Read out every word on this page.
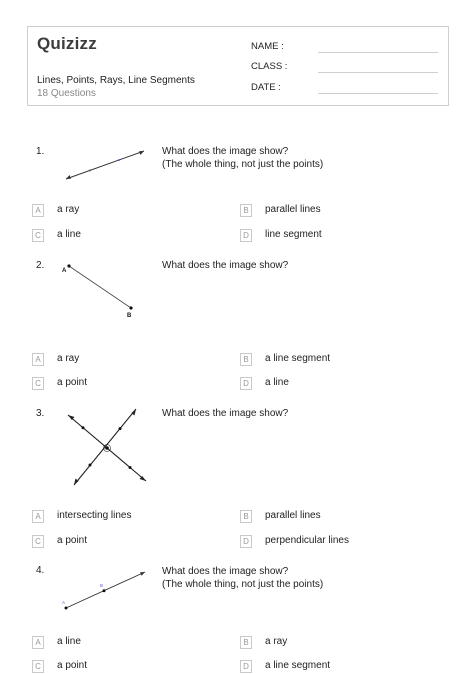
Quizizz
Lines, Points, Rays, Line Segments
18 Questions
NAME :
CLASS :
DATE :
1.	What does the image show?
(The whole thing, not just the points)
A	a ray	B	parallel lines
C	a line	D	line segment
2.	A
B
What does the image show?
A	a ray	B	a line segment
C	a point	D	a line
3.	What does the image show?
A	intersecting lines	B	parallel lines
C	a point	D	perpendicular lines
4.
A
B
What does the image show?
(The whole thing, not just the points)
A	a line	B	a ray
C	a point	D	a line segment
